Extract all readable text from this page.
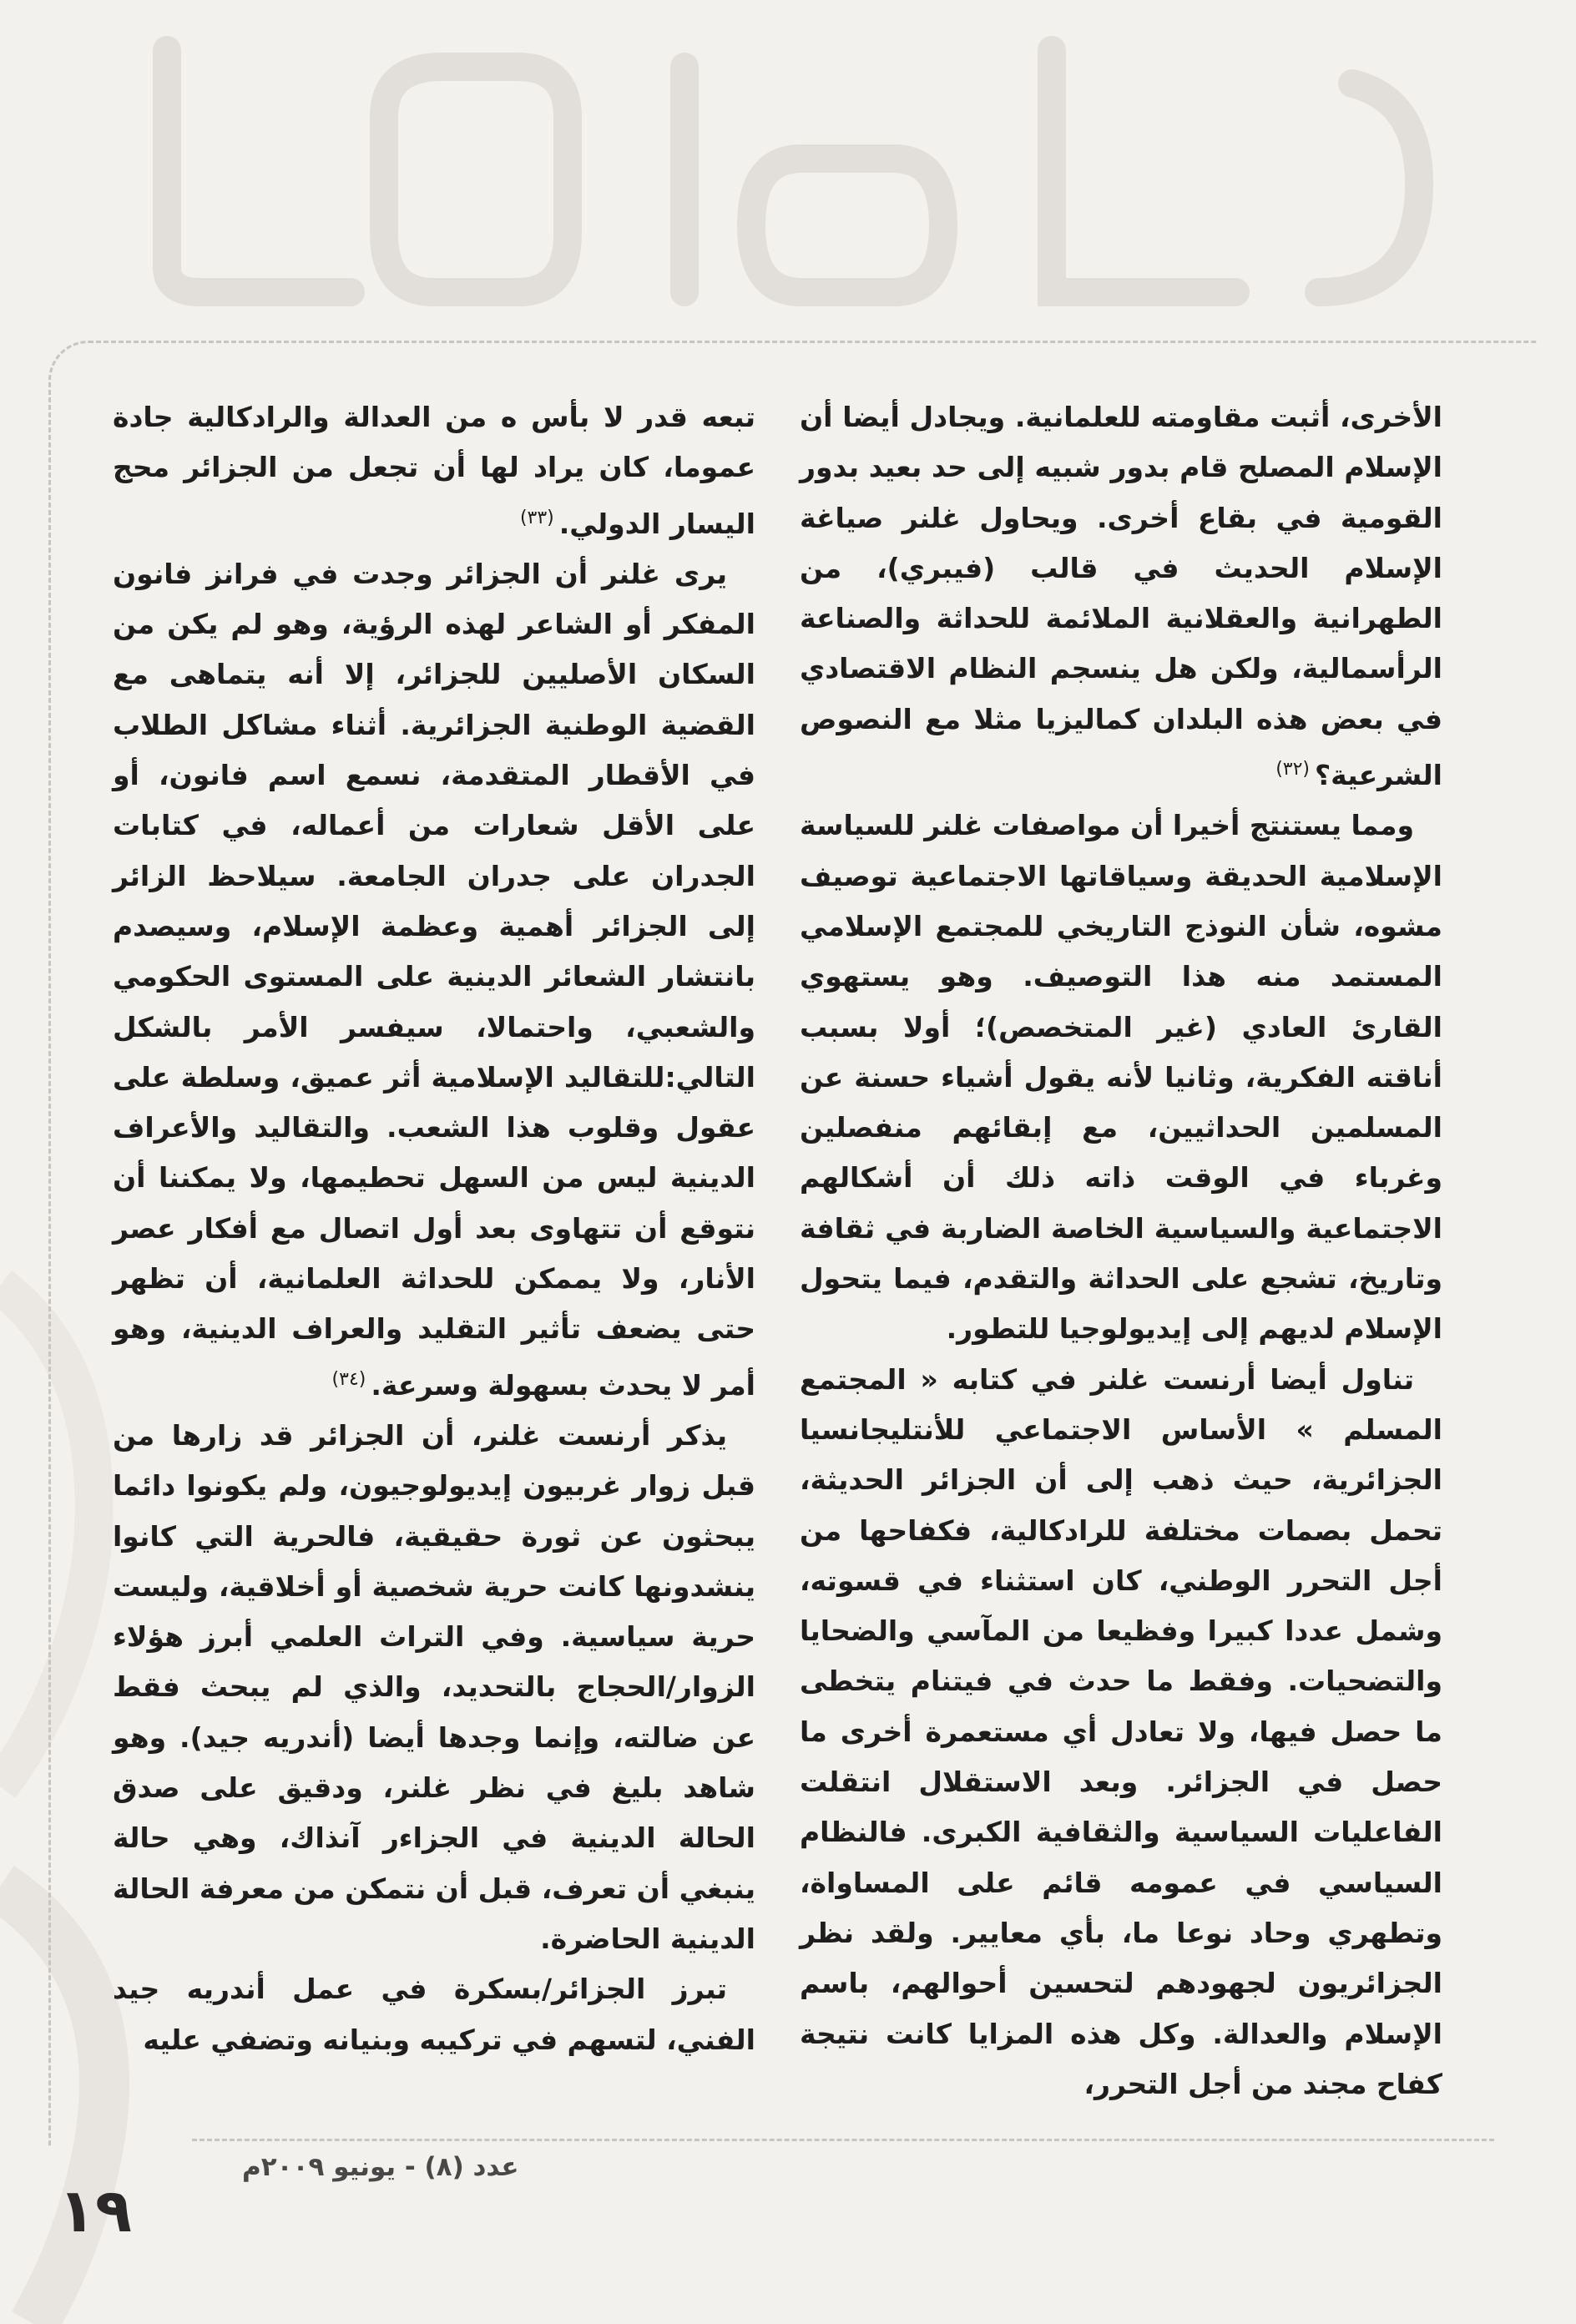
الأخرى، أثبت مقاومته للعلمانية. ويجادل أيضا أن الإسلام المصلح قام بدور شبيه إلى حد بعيد بدور القومية في بقاع أخرى. ويحاول غلنر صياغة الإسلام الحديث في قالب (فيبري)، من الطهرانية والعقلانية الملائمة للحداثة والصناعة الرأسمالية، ولكن هل ينسجم النظام الاقتصادي في بعض هذه البلدان كماليزيا مثلا مع النصوص الشرعية؟$^{(٣٢)}$

ومما يستنتج أخيرا أن مواصفات غلنر للسياسة الإسلامية الحديقة وسياقاتها الاجتماعية توصيف مشوه، شأن النوذج التاريخي للمجتمع الإسلامي المستمد منه هذا التوصيف. وهو يستهوي القارئ العادي (غير المتخصص)؛ أولا بسبب أناقته الفكرية، وثانيا لأنه يقول أشياء حسنة عن المسلمين الحداثيين، مع إبقائهم منفصلين وغرباء في الوقت ذاته ذلك أن أشكالهم الاجتماعية والسياسية الخاصة الضاربة في ثقافة وتاريخ، تشجع على الحداثة والتقدم، فيما يتحول الإسلام لديهم إلى إيديولوجيا للتطور.

تناول أيضا أرنست غلنر في كتابه « المجتمع المسلم » الأساس الاجتماعي للأنتليجانسيا الجزائرية، حيث ذهب إلى أن الجزائر الحديثة، تحمل بصمات مختلفة للرادكالية، فكفاحها من أجل التحرر الوطني، كان استثناء في قسوته، وشمل عددا كبيرا وفظيعا من المآسي والضحايا والتضحيات. وفقط ما حدث في فيتنام يتخطى ما حصل فيها، ولا تعادل أي مستعمرة أخرى ما حصل في الجزائر. وبعد الاستقلال انتقلت الفاعليات السياسية والثقافية الكبرى. فالنظام السياسي في عمومه قائم على المساواة، وتطهري وحاد نوعا ما، بأي معايير. ولقد نظر الجزائريون لجهودهم لتحسين أحوالهم، باسم الإسلام والعدالة. وكل هذه المزايا كانت نتيجة كفاح مجند من أجل التحرر،

تبعه قدر لا بأس ه من العدالة والرادكالية جادة عموما، كان يراد لها أن تجعل من الجزائر محج اليسار الدولي.$^{(٣٣)}$

يرى غلنر أن الجزائر وجدت في فرانز فانون المفكر أو الشاعر لهذه الرؤية، وهو لم يكن من السكان الأصليين للجزائر، إلا أنه يتماهى مع القضية الوطنية الجزائرية. أثناء مشاكل الطلاب في الأقطار المتقدمة، نسمع اسم فانون، أو على الأقل شعارات من أعماله، في كتابات الجدران على جدران الجامعة. سيلاحظ الزائر إلى الجزائر أهمية وعظمة الإسلام، وسيصدم بانتشار الشعائر الدينية على المستوى الحكومي والشعبي، واحتمالا، سيفسر الأمر بالشكل التالي:للتقاليد الإسلامية أثر عميق، وسلطة على عقول وقلوب هذا الشعب. والتقاليد والأعراف الدينية ليس من السهل تحطيمها، ولا يمكننا أن نتوقع أن تتهاوى بعد أول اتصال مع أفكار عصر الأنار، ولا يممكن للحداثة العلمانية، أن تظهر حتى يضعف تأثير التقليد والعراف الدينية، وهو أمر لا يحدث بسهولة وسرعة.$^{(٣٤)}$

يذكر أرنست غلنر، أن الجزائر قد زارها من قبل زوار غربيون إيديولوجيون، ولم يكونوا دائما يبحثون عن ثورة حقيقية، فالحرية التي كانوا ينشدونها كانت حرية شخصية أو أخلاقية، وليست حرية سياسية. وفي التراث العلمي أبرز هؤلاء الزوار/الحجاج بالتحديد، والذي لم يبحث فقط عن ضالته، وإنما وجدها أيضا (أندريه جيد). وهو شاهد بليغ في نظر غلنر، ودقيق على صدق الحالة الدينية في الجزاءر آنذاك، وهي حالة ينبغي أن تعرف، قبل أن نتمكن من معرفة الحالة الدينية الحاضرة.

تبرز الجزائر/بسكرة في عمل أندريه جيد الفني، لتسهم في تركيبه وبنيانه وتضفي عليه

عدد (٨) - يونيو ٢٠٠٩م
١٩
